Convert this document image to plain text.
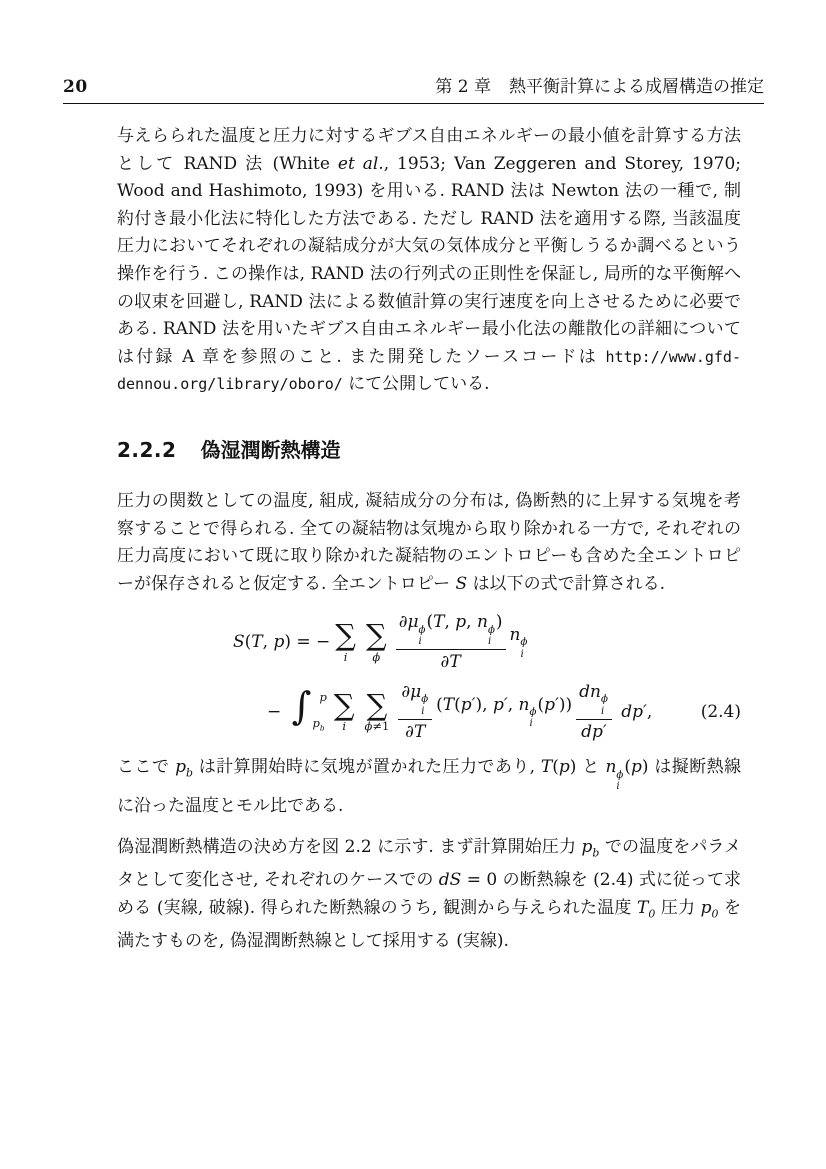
20	第 2 章 熱平衡計算による成層構造の推定

与えらられた温度と圧力に対するギブス自由エネルギーの最小値を計算する方法として RAND 法 (White et al., 1953; Van Zeggeren and Storey, 1970; Wood and Hashimoto, 1993) を用いる. RAND 法は Newton 法の一種で, 制約付き最小化法に特化した方法である. ただし RAND 法を適用する際, 当該温度圧力においてそれぞれの凝結成分が大気の気体成分と平衡しうるか調べるという操作を行う. この操作は, RAND 法の行列式の正則性を保証し, 局所的な平衡解への収束を回避し, RAND 法による数値計算の実行速度を向上させるために必要である. RAND 法を用いたギブス自由エネルギー最小化法の離散化の詳細については付録 A 章を参照のこと. また開発したソースコードは http://www.gfd-dennou.org/library/oboro/ にて公開している.

2.2.2 偽湿潤断熱構造

圧力の関数としての温度, 組成, 凝結成分の分布は, 偽断熱的に上昇する気塊を考察することで得られる. 全ての凝結物は気塊から取り除かれる一方で, それぞれの圧力高度において既に取り除かれた凝結物のエントロピーも含めた全エントロピーが保存されると仮定する. 全エントロピー S は以下の式で計算される.

S(T, p) = − ∑
i
∑
ϕ ∂μ ϕ
i
(T, p, n ϕ
i
)
∂T n ϕ
i
− ∫ p
$p_b$
∑
i
∑
ϕ≠1 ∂μ ϕ
i
∂T (T(p′), p′, n ϕ
i
(p′)) dn ϕ
i
dp′ dp′,	(2.4)

ここで $p_b$ は計算開始時に気塊が置かれた圧力であり, T(p) と n ϕ
i
(p) は擬断熱線に沿った温度とモル比である.

偽湿潤断熱構造の決め方を図 2.2 に示す. まず計算開始圧力 $p_b$ での温度をパラメタとして変化させ, それぞれのケースでの dS = 0 の断熱線を (2.4) 式に従って求める (実線, 破線). 得られた断熱線のうち, 観測から与えられた温度 $T_0$ 圧力 $p_0$ を満たすものを, 偽湿潤断熱線として採用する (実線).
